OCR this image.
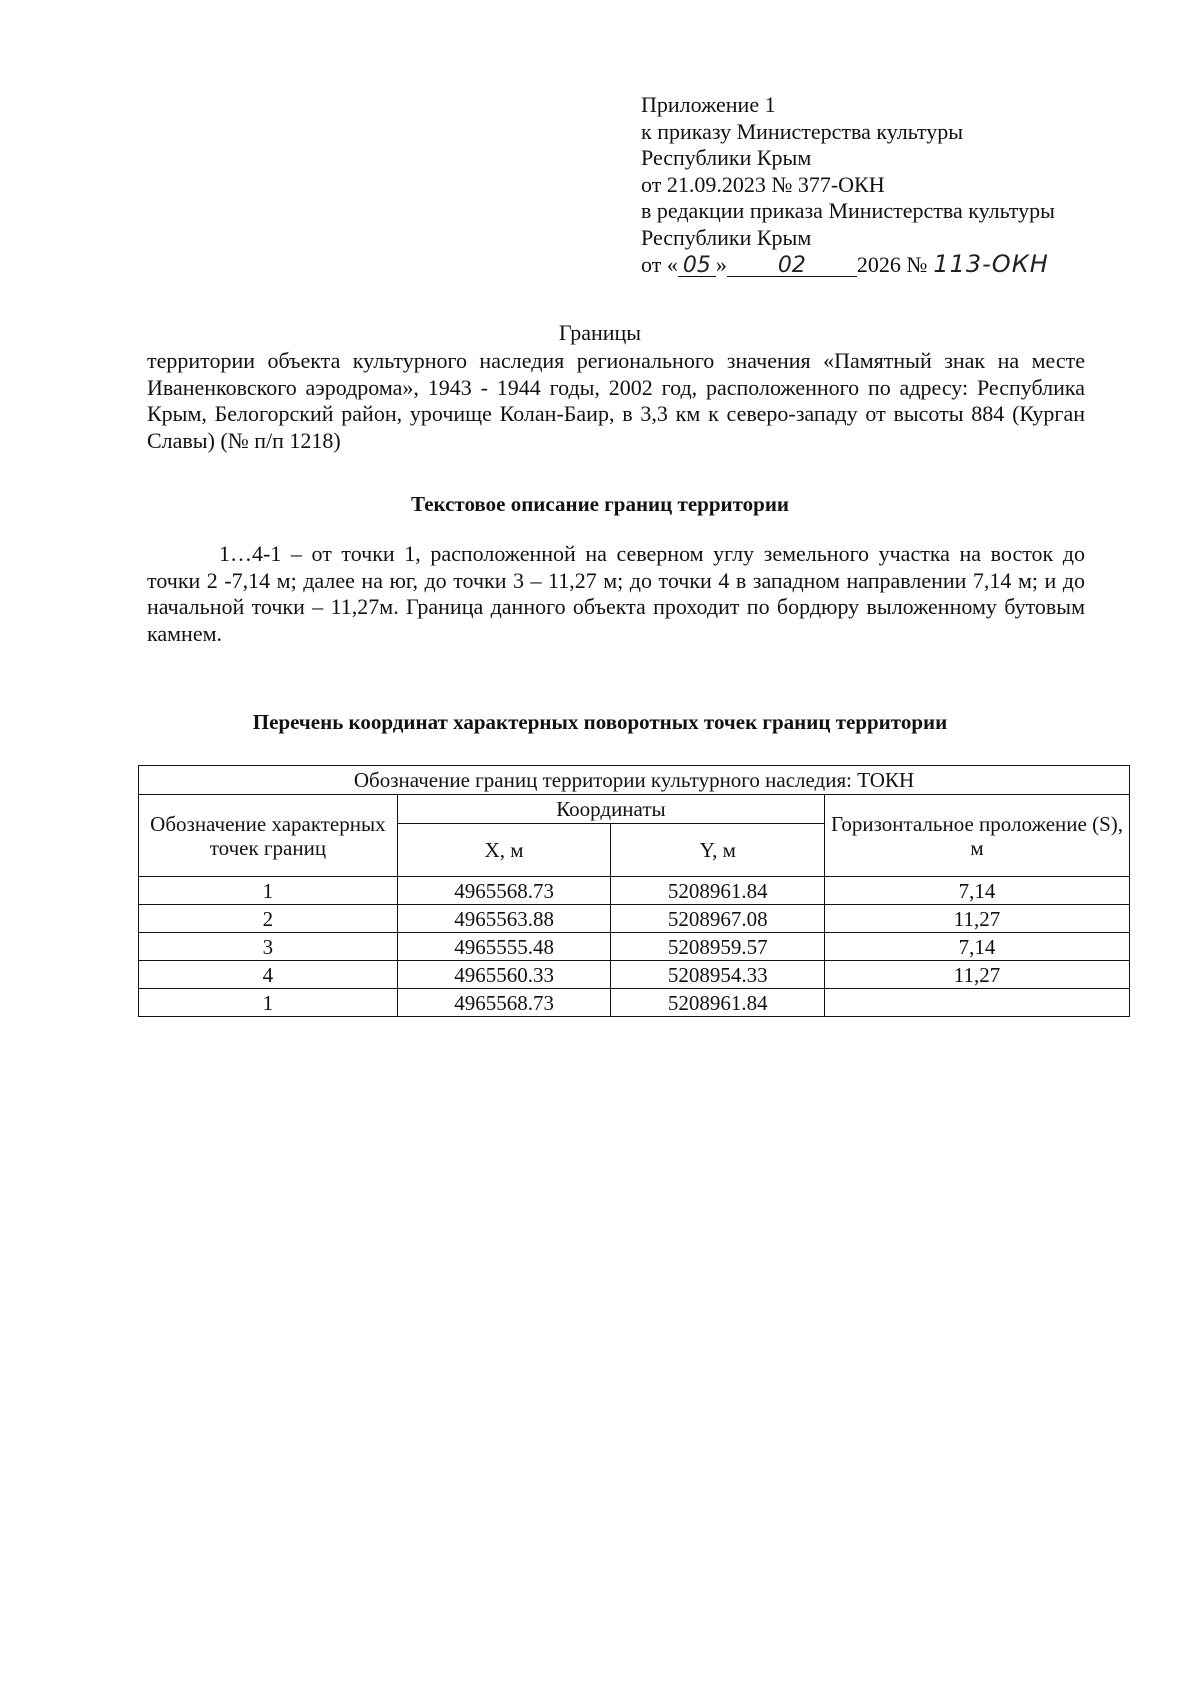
Приложение 1
к приказу Министерства культуры
Республики Крым
от 21.09.2023 № 377-ОКН
в редакции приказа Министерства культуры
Республики Крым
от « 05 » 02 2026 № 113-ОКН
Границы
территории объекта культурного наследия регионального значения «Памятный знак на месте Иваненковского аэродрома», 1943 - 1944 годы, 2002 год, расположенного по адресу: Республика Крым, Белогорский район, урочище Колан-Баир, в 3,3 км к северо-западу от высоты 884 (Курган Славы) (№ п/п 1218)
Текстовое описание границ территории
1…4-1 – от точки 1, расположенной на северном углу земельного участка на восток до точки 2 -7,14 м; далее на юг, до точки 3 – 11,27 м; до точки 4 в западном направлении 7,14 м; и до начальной точки – 11,27м. Граница данного объекта проходит по бордюру выложенному бутовым камнем.
Перечень координат характерных поворотных точек границ территории
Обозначение границ территории культурного наследия: ТОКН			
Обозначение характерных точек границ	Координаты		Горизонтальное проложение (S), м
	X, м	Y, м	
1	4965568.73	5208961.84	7,14
2	4965563.88	5208967.08	11,27
3	4965555.48	5208959.57	7,14
4	4965560.33	5208954.33	11,27
1	4965568.73	5208961.84	
